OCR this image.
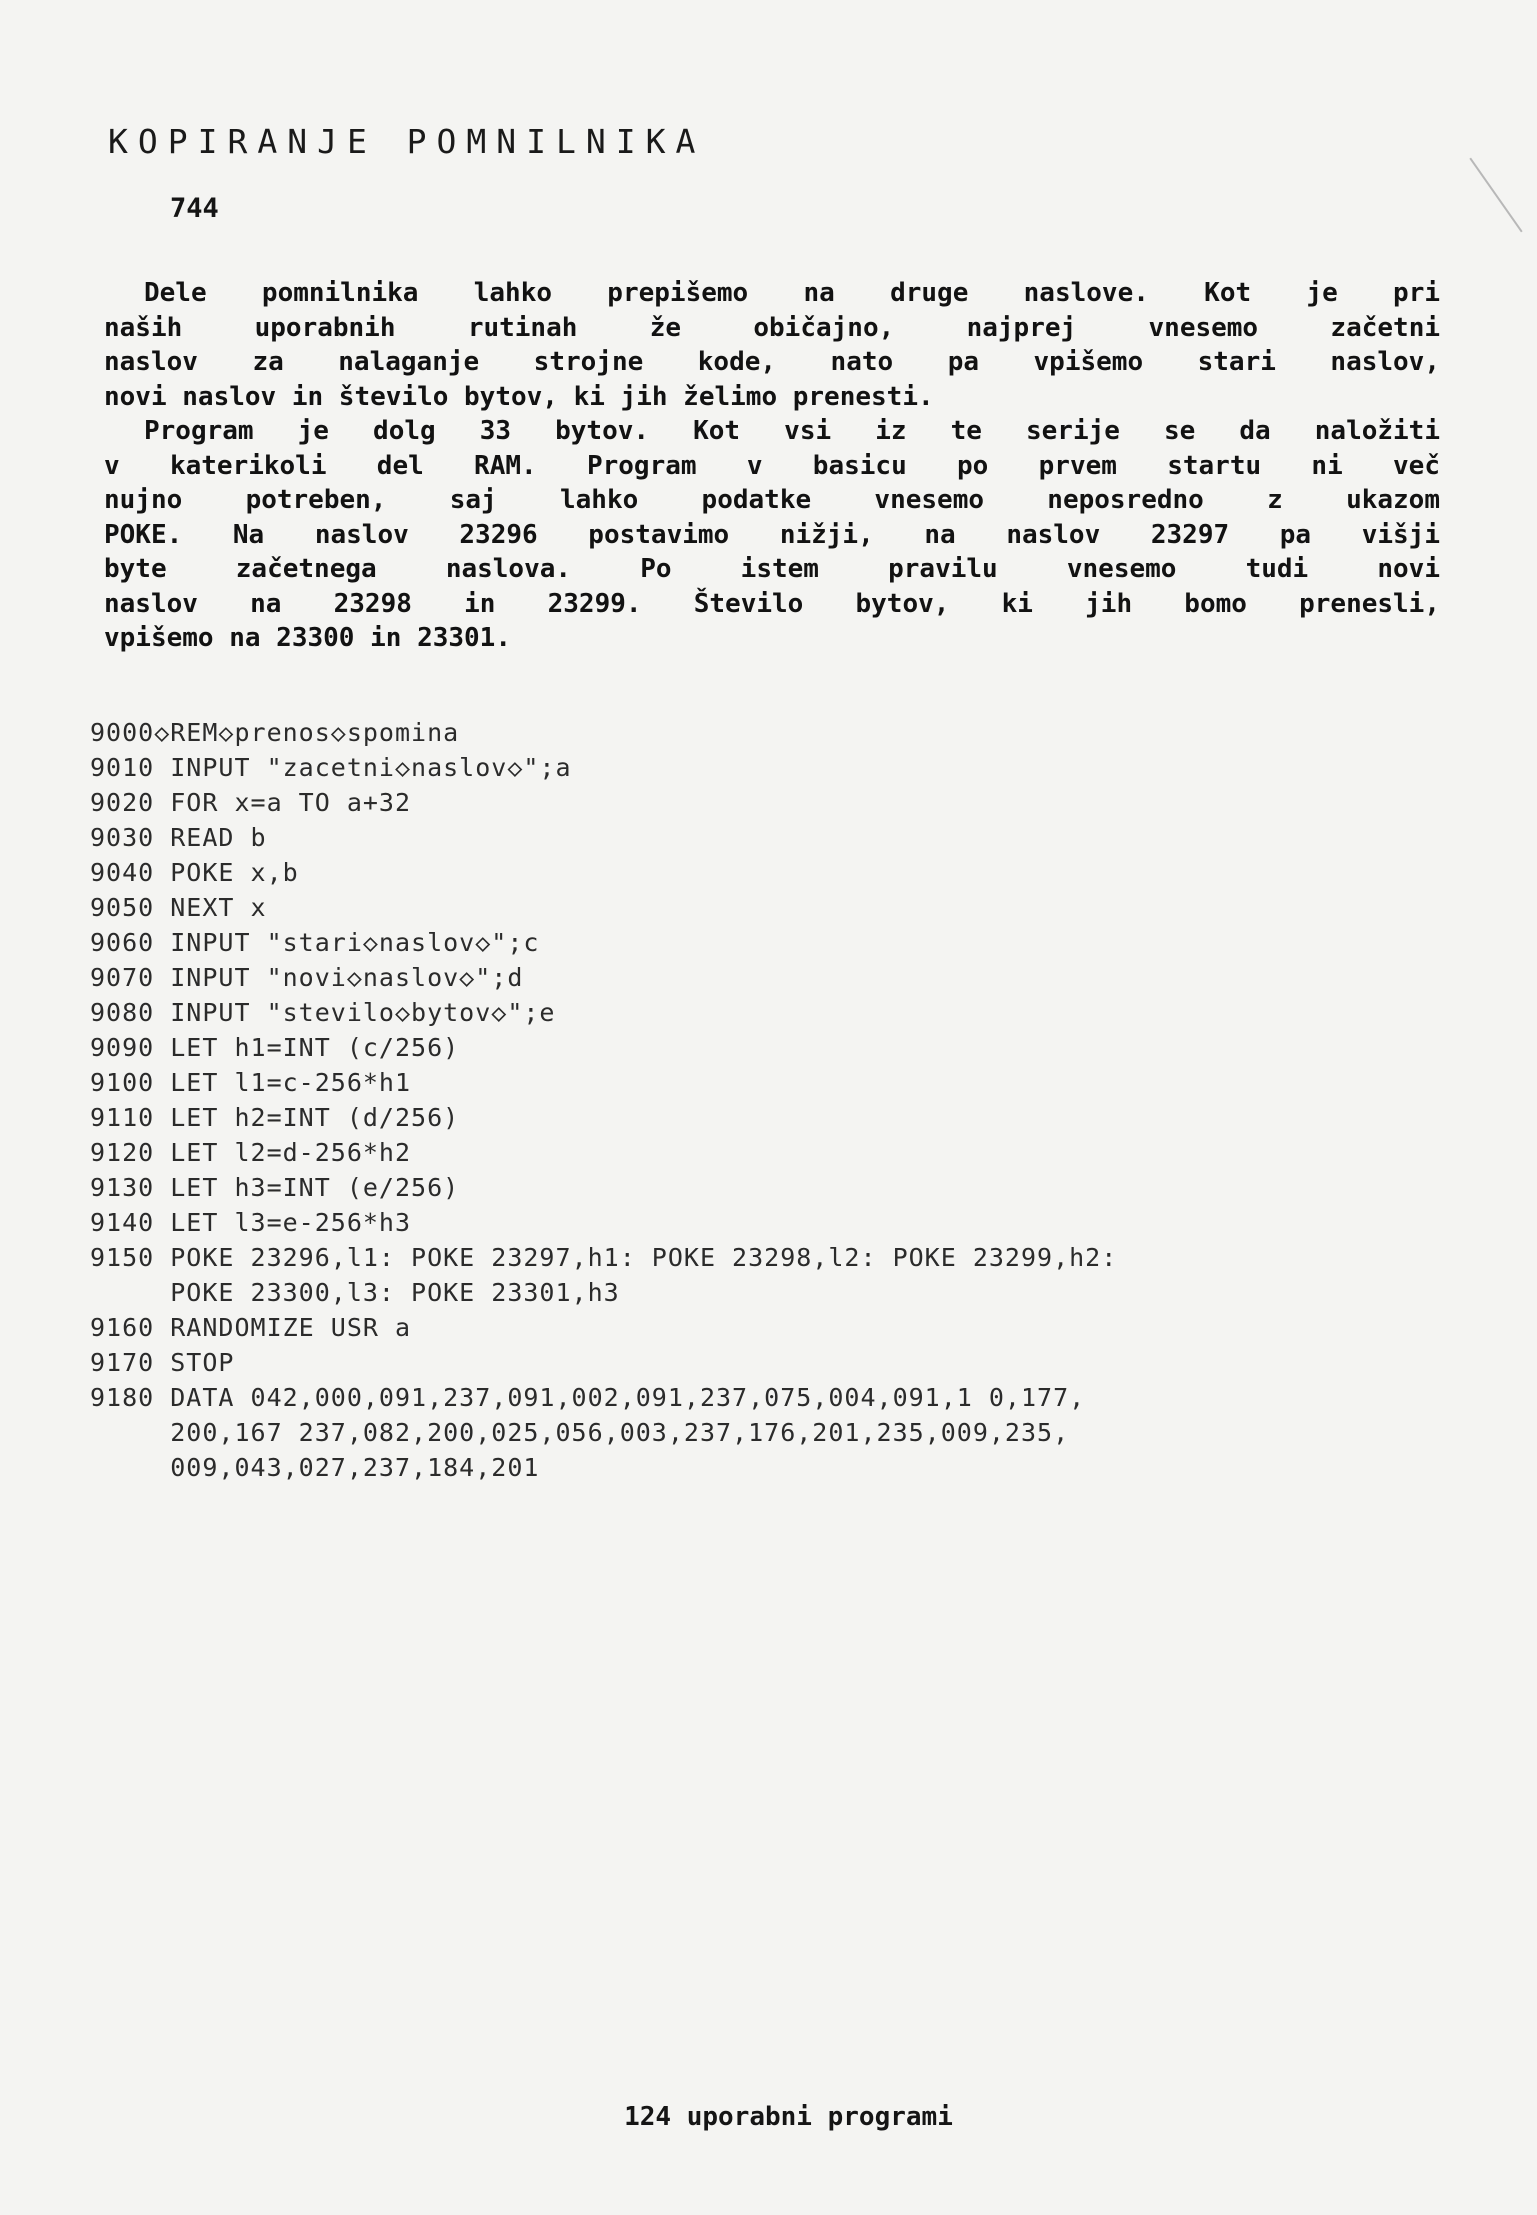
KOPIRANJE POMNILNIKA

744

Dele pomnilnika lahko prepišemo na druge naslove. Kot je pri
naših uporabnih rutinah že običajno, najprej vnesemo začetni
naslov za nalaganje strojne kode, nato pa vpišemo stari naslov,
novi naslov in število bytov, ki jih želimo prenesti.
Program je dolg 33 bytov. Kot vsi iz te serije se da naložiti
v katerikoli del RAM. Program v basicu po prvem startu ni več
nujno potreben, saj lahko podatke vnesemo neposredno z ukazom
POKE. Na naslov 23296 postavimo nižji, na naslov 23297 pa višji
byte začetnega naslova. Po istem pravilu vnesemo tudi novi
naslov na 23298 in 23299. Število bytov, ki jih bomo prenesli,
vpišemo na 23300 in 23301.
9000◇REM◇prenos◇spomina
9010 INPUT "zacetni◇naslov◇";a
9020 FOR x=a TO a+32
9030 READ b
9040 POKE x,b
9050 NEXT x
9060 INPUT "stari◇naslov◇";c
9070 INPUT "novi◇naslov◇";d
9080 INPUT "stevilo◇bytov◇";e
9090 LET h1=INT (c/256)
9100 LET l1=c-256*h1
9110 LET h2=INT (d/256)
9120 LET l2=d-256*h2
9130 LET h3=INT (e/256)
9140 LET l3=e-256*h3
9150 POKE 23296,l1: POKE 23297,h1: POKE 23298,l2: POKE 23299,h2:
POKE 23300,l3: POKE 23301,h3
9160 RANDOMIZE USR a
9170 STOP
9180 DATA 042,000,091,237,091,002,091,237,075,004,091,1 0,177,
200,167 237,082,200,025,056,003,237,176,201,235,009,235,
009,043,027,237,184,201

124 uporabni programi
